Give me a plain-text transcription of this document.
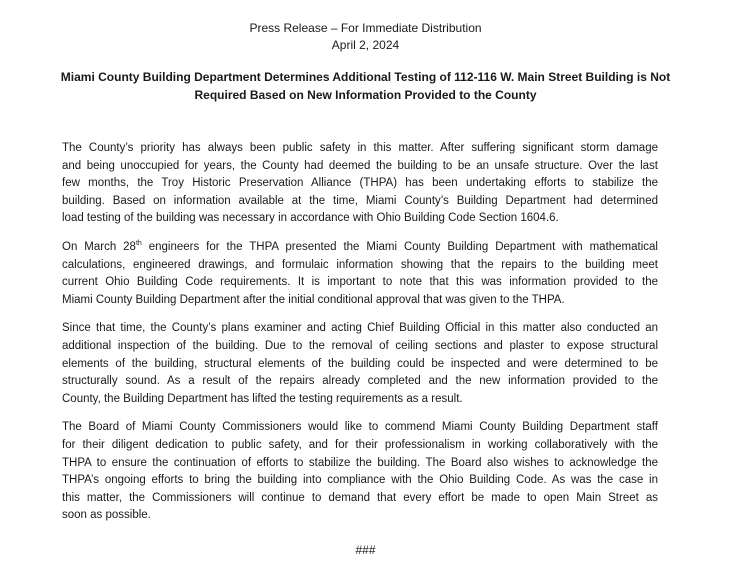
Press Release – For Immediate Distribution
April 2, 2024
Miami County Building Department Determines Additional Testing of 112-116 W. Main Street Building is Not
Required Based on New Information Provided to the County
The County’s priority has always been public safety in this matter. After suffering significant storm damage
and being unoccupied for years, the County had deemed the building to be an unsafe structure. Over the last
few months, the Troy Historic Preservation Alliance (THPA) has been undertaking efforts to stabilize the
building. Based on information available at the time, Miami County’s Building Department had determined
load testing of the building was necessary in accordance with Ohio Building Code Section 1604.6.
On March 28th engineers for the THPA presented the Miami County Building Department with mathematical
calculations, engineered drawings, and formulaic information showing that the repairs to the building meet
current Ohio Building Code requirements. It is important to note that this was information provided to the
Miami County Building Department after the initial conditional approval that was given to the THPA.
Since that time, the County’s plans examiner and acting Chief Building Official in this matter also conducted an
additional inspection of the building. Due to the removal of ceiling sections and plaster to expose structural
elements of the building, structural elements of the building could be inspected and were determined to be
structurally sound. As a result of the repairs already completed and the new information provided to the
County, the Building Department has lifted the testing requirements as a result.
The Board of Miami County Commissioners would like to commend Miami County Building Department staff
for their diligent dedication to public safety, and for their professionalism in working collaboratively with the
THPA to ensure the continuation of efforts to stabilize the building. The Board also wishes to acknowledge the
THPA’s ongoing efforts to bring the building into compliance with the Ohio Building Code. As was the case in
this matter, the Commissioners will continue to demand that every effort be made to open Main Street as
soon as possible.
###
